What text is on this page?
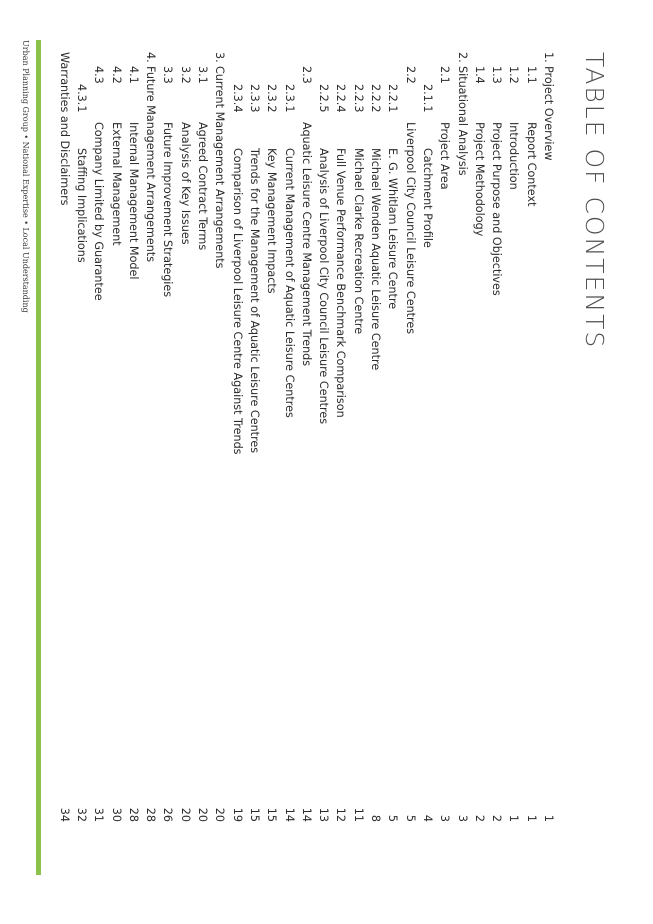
TABLE OF CONTENTS
1.
Project Overview
1
1.1
Report Context
1
1.2
Introduction
1
1.3
Project Purpose and Objectives
2
1.4
Project Methodology
2
2.
Situational Analysis
3
2.1
Project Area
3
2.1.1
Catchment Profile
4
2.2
Liverpool City Council Leisure Centres
5
2.2.1
E. G. Whitlam Leisure Centre
5
2.2.2
Michael Wenden Aquatic Leisure Centre
8
2.2.3
Michael Clarke Recreation Centre
11
2.2.4
Full Venue Performance Benchmark Comparison
12
2.2.5
Analysis of Liverpool City Council Leisure Centres
13
2.3
Aquatic Leisure Centre Management Trends
14
2.3.1
Current Management of Aquatic Leisure Centres
14
2.3.2
Key Management Impacts
15
2.3.3
Trends for the Management of Aquatic Leisure Centres
15
2.3.4
Comparison of Liverpool Leisure Centre Against Trends
19
3.
Current Management Arrangements
20
3.1
Agreed Contract Terms
20
3.2
Analysis of Key Issues
20
3.3
Future Improvement Strategies
26
4.
Future Management Arrangements
28
4.1
Internal Management Model
28
4.2
External Management
30
4.3
Company Limited by Guarantee
31
4.3.1
Staffing Implications
32
Warranties and Disclaimers
34

Urban Planning Group • National Expertise • Local Understanding
